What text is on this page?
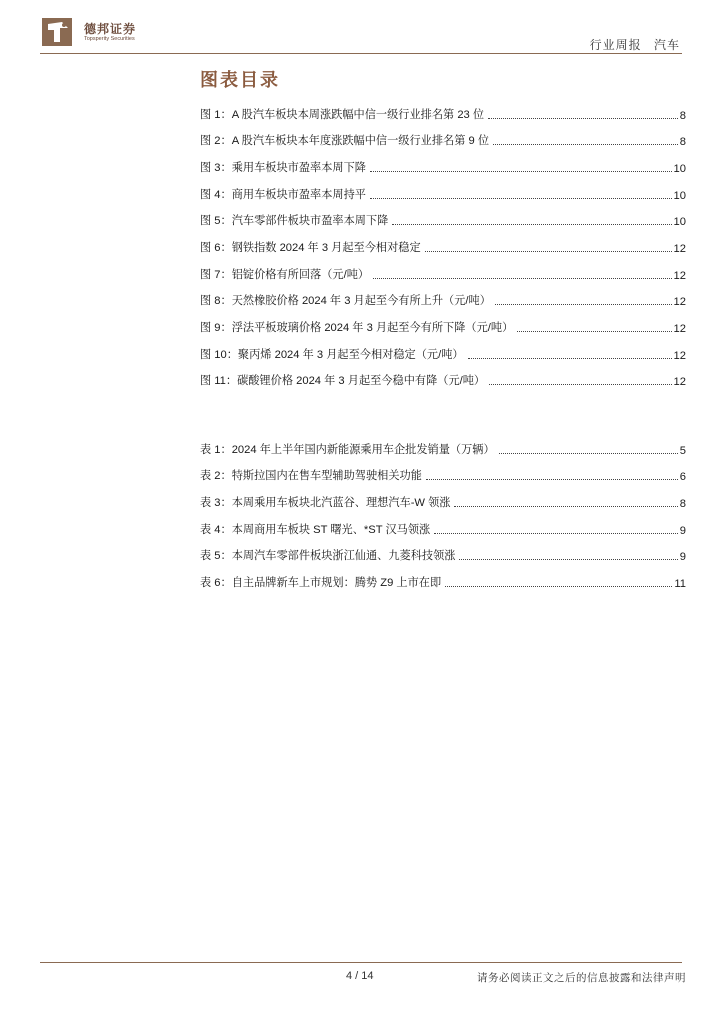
德邦证券
Topsperity Securities	行业周报 汽车
图表目录
图 1：A 股汽车板块本周涨跌幅中信一级行业排名第 23 位	8
图 2：A 股汽车板块本年度涨跌幅中信一级行业排名第 9 位	8
图 3：乘用车板块市盈率本周下降	10
图 4：商用车板块市盈率本周持平	10
图 5：汽车零部件板块市盈率本周下降	10
图 6：钢铁指数 2024 年 3 月起至今相对稳定	12
图 7：铝锭价格有所回落（元/吨）	12
图 8：天然橡胶价格 2024 年 3 月起至今有所上升（元/吨）	12
图 9：浮法平板玻璃价格 2024 年 3 月起至今有所下降（元/吨）	12
图 10：聚丙烯 2024 年 3 月起至今相对稳定（元/吨）	12
图 11：碳酸锂价格 2024 年 3 月起至今稳中有降（元/吨）	12
表 1：2024 年上半年国内新能源乘用车企批发销量（万辆）	5
表 2：特斯拉国内在售车型辅助驾驶相关功能	6
表 3：本周乘用车板块北汽蓝谷、理想汽车-W 领涨	8
表 4：本周商用车板块 ST 曙光、*ST 汉马领涨	9
表 5：本周汽车零部件板块浙江仙通、九菱科技领涨	9
表 6：自主品牌新车上市规划：腾势 Z9 上市在即	11
4 / 14	请务必阅读正文之后的信息披露和法律声明
